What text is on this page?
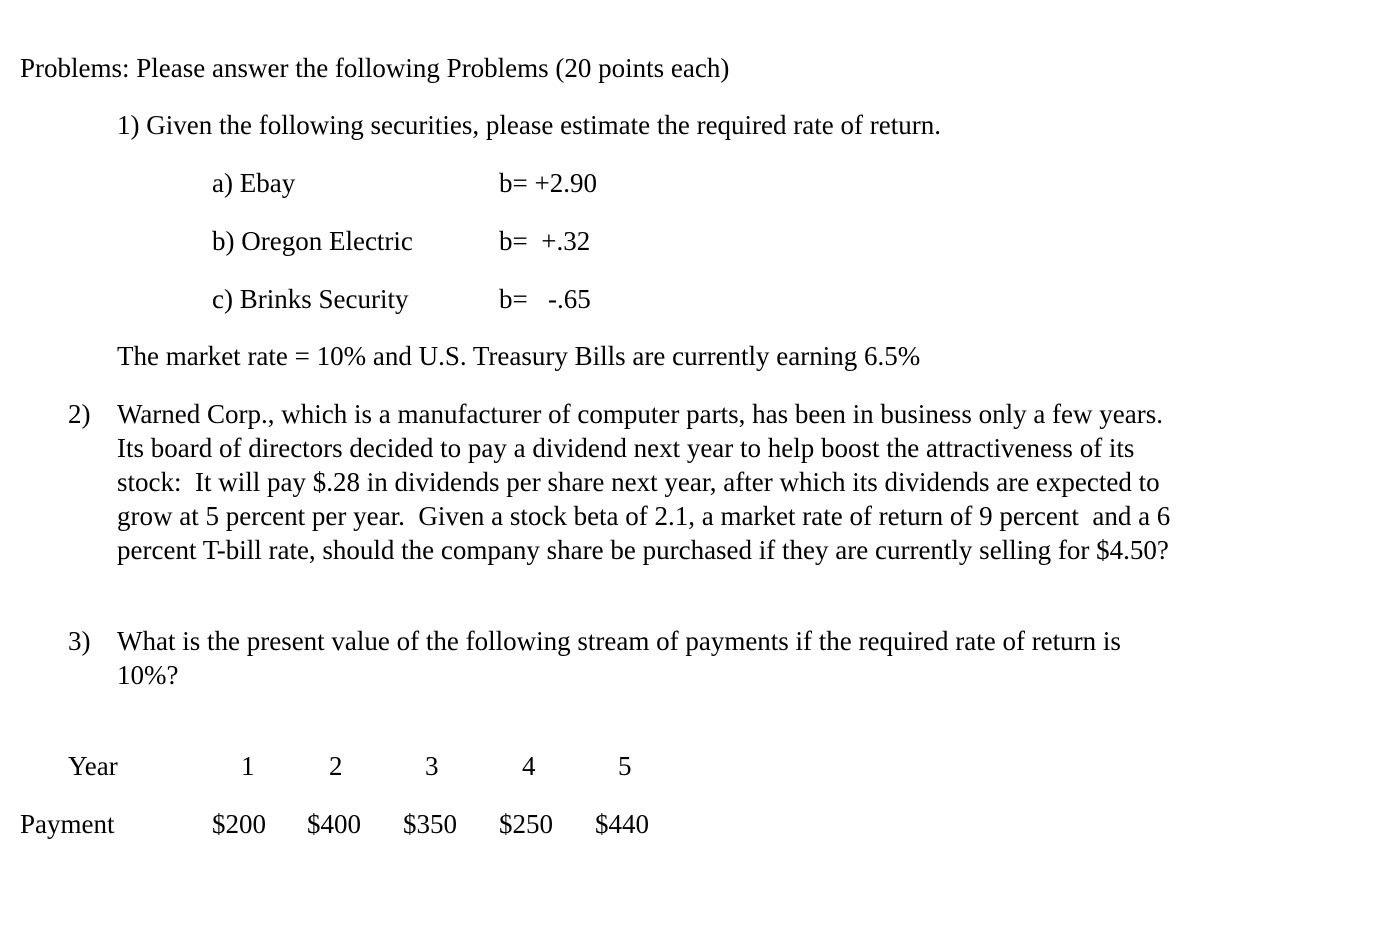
Problems: Please answer the following Problems (20 points each)
1) Given the following securities, please estimate the required rate of return.
a) Ebay	b= +2.90
b) Oregon Electric	b=  +.32
c) Brinks Security	b=   -.65
The market rate = 10% and U.S. Treasury Bills are currently earning 6.5%
2) Warned Corp., which is a manufacturer of computer parts, has been in business only a few years.
Its board of directors decided to pay a dividend next year to help boost the attractiveness of its
stock:  It will pay $.28 in dividends per share next year, after which its dividends are expected to
grow at 5 percent per year.  Given a stock beta of 2.1, a market rate of return of 9 percent  and a 6
percent T-bill rate, should the company share be purchased if they are currently selling for $4.50?
3) What is the present value of the following stream of payments if the required rate of return is
10%?
Year	1	2	3	4	5
Payment	$200 $400 $350 $250 $440
